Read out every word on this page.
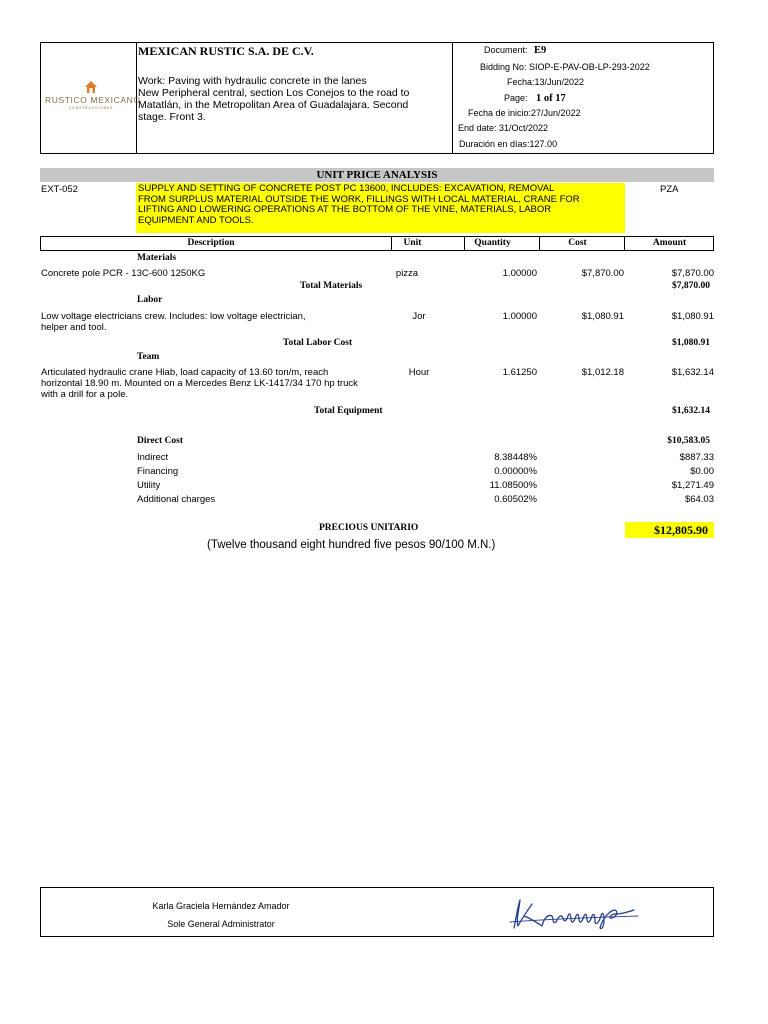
RUSTICO MEXICANO
CONSTRUCCIONES
MEXICAN RUSTIC S.A. DE C.V.
Work: Paving with hydraulic concrete in the lanes
New Peripheral central, section Los Conejos to the road to
Matatlán, in the Metropolitan Area of Guadalajara. Second
stage. Front 3.
Document: E9
Bidding No: SIOP-E-PAV-OB-LP-293-2022
Fecha:13/Jun/2022
Page: 1 of 17
Fecha de inicio:27/Jun/2022
End date: 31/Oct/2022
Duración en días:127.00
UNIT PRICE ANALYSIS
EXT-052	SUPPLY AND SETTING OF CONCRETE POST PC 13600, INCLUDES: EXCAVATION, REMOVAL
FROM SURPLUS MATERIAL OUTSIDE THE WORK, FILLINGS WITH LOCAL MATERIAL, CRANE FOR
LIFTING AND LOWERING OPERATIONS AT THE BOTTOM OF THE VINE, MATERIALS, LABOR
EQUIPMENT AND TOOLS.
PZA
Description	Unit	Quantity	Cost	Amount
Materials
Concrete pole PCR - 13C-600 1250KG	pizza	1.00000	$7,870.00	$7,870.00
Total Materials	$7,870.00
Labor
Low voltage electricians crew. Includes: low voltage electrician,
helper and tool.
Jor	1.00000	$1,080.91	$1,080.91
Total Labor Cost	$1,080.91
Team
Articulated hydraulic crane Hiab, load capacity of 13.60 ton/m, reach
horizontal 18.90 m. Mounted on a Mercedes Benz LK-1417/34 170 hp truck
with a drill for a pole.
Hour	1.61250	$1,012.18	$1,632.14
Total Equipment	$1,632.14
Direct Cost	$10,583.05
Indirect	8.38448%	$887.33
Financing	0.00000%	$0.00
Utility	11.08500%	$1,271.49
Additional charges	0.60502%	$64.03
PRECIOUS UNITARIO	$12,805.90
(Twelve thousand eight hundred five pesos 90/100 M.N.)
Karla Graciela Hernández Amador
Sole General Administrator
